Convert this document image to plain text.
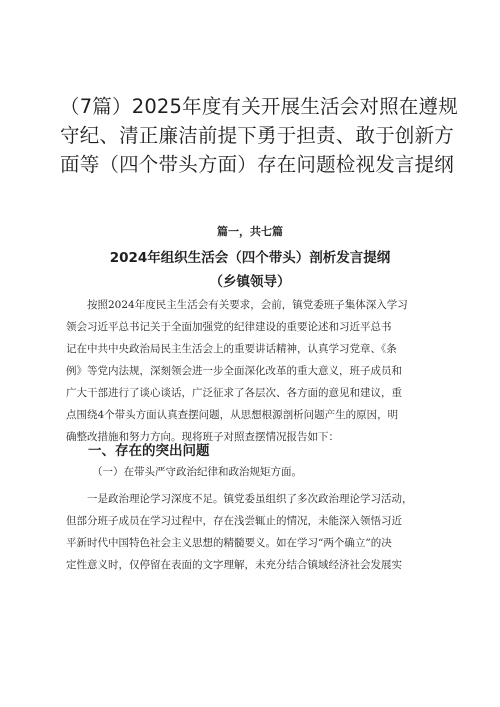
（7篇）2025年度有关开展生活会对照在遵规
守纪、清正廉洁前提下勇于担责、敢于创新方
面等（四个带头方面）存在问题检视发言提纲
篇一，共七篇
2024年组织生活会（四个带头）剖析发言提纲
（乡镇领导）
　　按照2024年度民主生活会有关要求，会前，镇党委班子集体深入学习
领会习近平总书记关于全面加强党的纪律建设的重要论述和习近平总书
记在中共中央政治局民主生活会上的重要讲话精神，认真学习党章、《条
例》等党内法规，深刻领会进一步全面深化改革的重大意义，班子成员和
广大干部进行了谈心谈话，广泛征求了各层次、各方面的意见和建议，重
点围绕4个带头方面认真查摆问题，从思想根源剖析问题产生的原因，明
确整改措施和努力方向。现将班子对照查摆情况报告如下：
一、存在的突出问题
（一）在带头严守政治纪律和政治规矩方面。
　　一是政治理论学习深度不足。镇党委虽组织了多次政治理论学习活动，
但部分班子成员在学习过程中，存在浅尝辄止的情况，未能深入领悟习近
平新时代中国特色社会主义思想的精髓要义。如在学习“两个确立”的决
定性意义时，仅停留在表面的文字理解，未充分结合镇域经济社会发展实
